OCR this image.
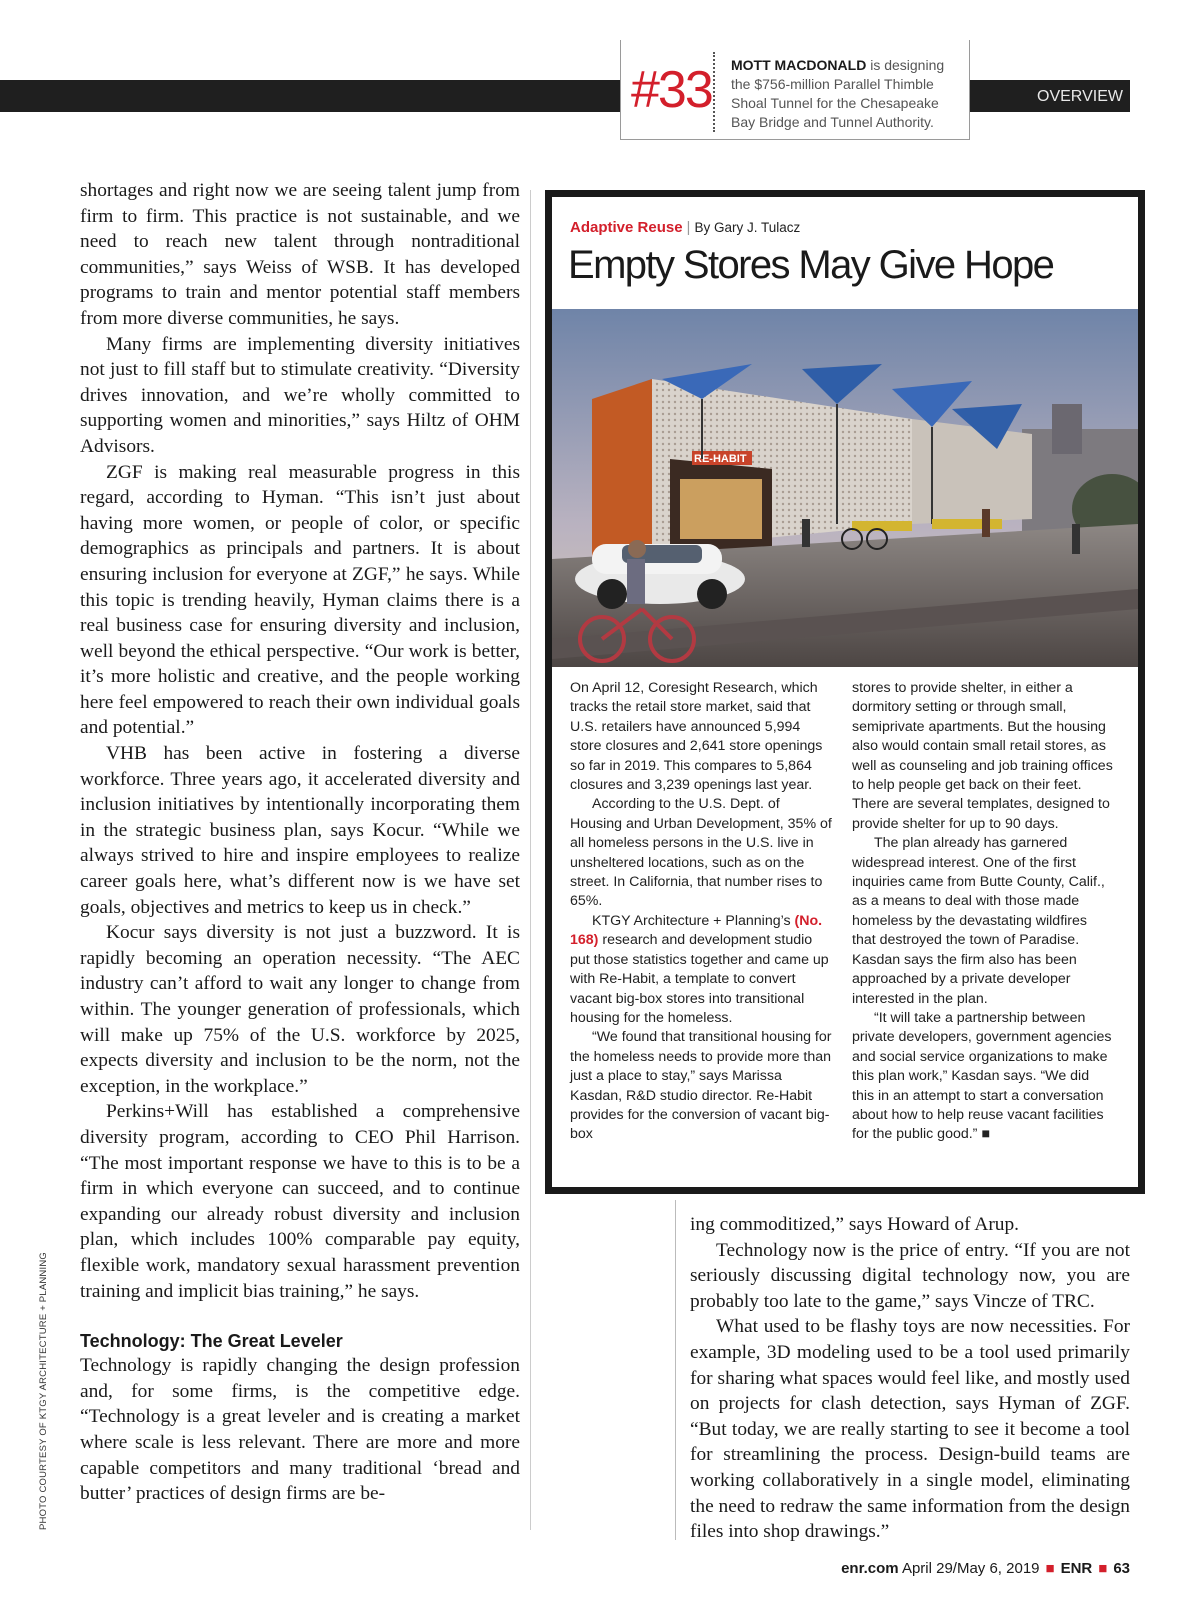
OVERVIEW
#33 MOTT MACDONALD is designing the $756-million Parallel Thimble Shoal Tunnel for the Chesapeake Bay Bridge and Tunnel Authority.

shortages and right now we are seeing talent jump from firm to firm. This practice is not sustainable, and we need to reach new talent through nontraditional communities,” says Weiss of WSB. It has developed programs to train and mentor potential staff members from more diverse communities, he says.

Many firms are implementing diversity initiatives not just to fill staff but to stimulate creativity. “Diversity drives innovation, and we’re wholly committed to supporting women and minorities,” says Hiltz of OHM Advisors.

ZGF is making real measurable progress in this regard, according to Hyman. “This isn’t just about having more women, or people of color, or specific demographics as principals and partners. It is about ensuring inclusion for everyone at ZGF,” he says. While this topic is trending heavily, Hyman claims there is a real business case for ensuring diversity and inclusion, well beyond the ethical perspective. “Our work is better, it’s more holistic and creative, and the people working here feel empowered to reach their own individual goals and potential.”

VHB has been active in fostering a diverse workforce. Three years ago, it accelerated diversity and inclusion initiatives by intentionally incorporating them in the strategic business plan, says Kocur. “While we always strived to hire and inspire employees to realize career goals here, what’s different now is we have set goals, objectives and metrics to keep us in check.”

Kocur says diversity is not just a buzzword. It is rapidly becoming an operation necessity. “The AEC industry can’t afford to wait any longer to change from within. The younger generation of professionals, which will make up 75% of the U.S. workforce by 2025, expects diversity and inclusion to be the norm, not the exception, in the workplace.”

Perkins+Will has established a comprehensive diversity program, according to CEO Phil Harrison. “The most important response we have to this is to be a firm in which everyone can succeed, and to continue expanding our already robust diversity and inclusion plan, which includes 100% comparable pay equity, flexible work, mandatory sexual harassment prevention training and implicit bias training,” he says.

Technology: The Great Leveler

Technology is rapidly changing the design profession and, for some firms, is the competitive edge. “Technology is a great leveler and is creating a market where scale is less relevant. There are more and more capable competitors and many traditional ‘bread and butter’ practices of design firms are be-

PHOTO COURTESY OF KTGY ARCHITECTURE + PLANNING
Adaptive Reuse | By Gary J. Tulacz
Empty Stores May Give Hope
RE-HABIT

On April 12, Coresight Research, which tracks the retail store market, said that U.S. retailers have announced 5,994 store closures and 2,641 store openings so far in 2019. This compares to 5,864 closures and 3,239 openings last year.

According to the U.S. Dept. of Housing and Urban Development, 35% of all homeless persons in the U.S. live in unsheltered locations, such as on the street. In California, that number rises to 65%.

KTGY Architecture + Planning’s (No. 168) research and development studio put those statistics together and came up with Re-Habit, a template to convert vacant big-box stores into transitional housing for the homeless.

“We found that transitional housing for the homeless needs to provide more than just a place to stay,” says Marissa Kasdan, R&D studio director. Re-Habit provides for the conversion of vacant big-box

stores to provide shelter, in either a dormitory setting or through small, semiprivate apartments. But the housing also would contain small retail stores, as well as counseling and job training offices to help people get back on their feet. There are several templates, designed to provide shelter for up to 90 days.

The plan already has garnered widespread interest. One of the first inquiries came from Butte County, Calif., as a means to deal with those made homeless by the devastating wildfires that destroyed the town of Paradise. Kasdan says the firm also has been approached by a private developer interested in the plan.

“It will take a partnership between private developers, government agencies and social service organizations to make this plan work,” Kasdan says. “We did this in an attempt to start a conversation about how to help reuse vacant facilities for the public good.” ■

ing commoditized,” says Howard of Arup.

Technology now is the price of entry. “If you are not seriously discussing digital technology now, you are probably too late to the game,” says Vincze of TRC.

What used to be flashy toys are now necessities. For example, 3D modeling used to be a tool used primarily for sharing what spaces would feel like, and mostly used on projects for clash detection, says Hyman of ZGF. “But today, we are really starting to see it become a tool for streamlining the process. Design-build teams are working collaboratively in a single model, eliminating the need to redraw the same information from the design files into shop drawings.”

enr.com April 29/May 6, 2019 ■ ENR ■ 63
